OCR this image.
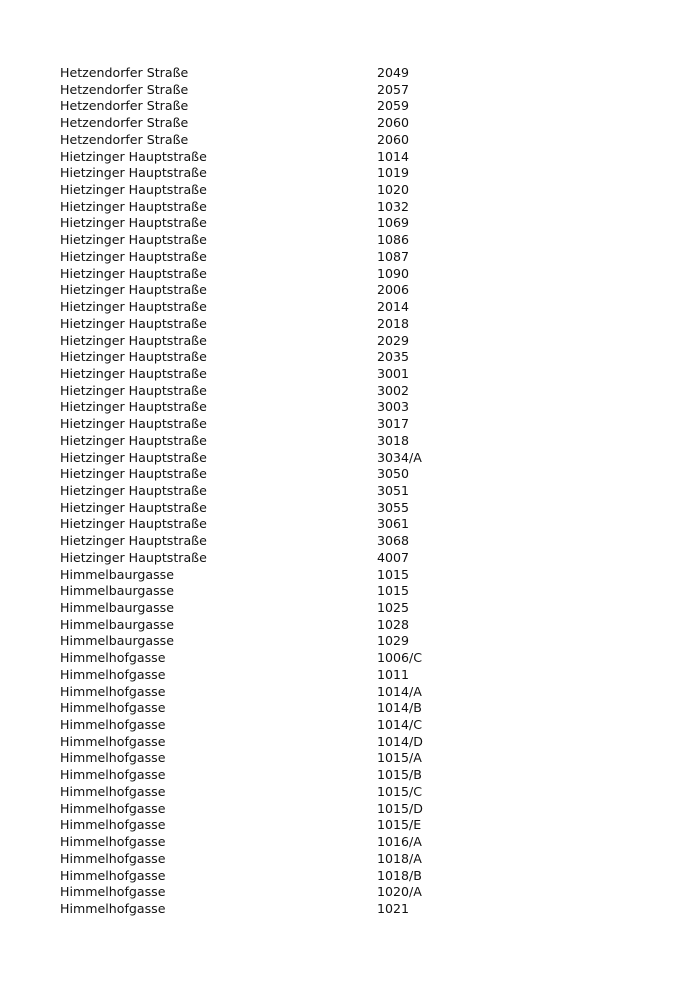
Hetzendorfer Straße	2049
Hetzendorfer Straße	2057
Hetzendorfer Straße	2059
Hetzendorfer Straße	2060
Hetzendorfer Straße	2060
Hietzinger Hauptstraße	1014
Hietzinger Hauptstraße	1019
Hietzinger Hauptstraße	1020
Hietzinger Hauptstraße	1032
Hietzinger Hauptstraße	1069
Hietzinger Hauptstraße	1086
Hietzinger Hauptstraße	1087
Hietzinger Hauptstraße	1090
Hietzinger Hauptstraße	2006
Hietzinger Hauptstraße	2014
Hietzinger Hauptstraße	2018
Hietzinger Hauptstraße	2029
Hietzinger Hauptstraße	2035
Hietzinger Hauptstraße	3001
Hietzinger Hauptstraße	3002
Hietzinger Hauptstraße	3003
Hietzinger Hauptstraße	3017
Hietzinger Hauptstraße	3018
Hietzinger Hauptstraße	3034/A
Hietzinger Hauptstraße	3050
Hietzinger Hauptstraße	3051
Hietzinger Hauptstraße	3055
Hietzinger Hauptstraße	3061
Hietzinger Hauptstraße	3068
Hietzinger Hauptstraße	4007
Himmelbaurgasse	1015
Himmelbaurgasse	1015
Himmelbaurgasse	1025
Himmelbaurgasse	1028
Himmelbaurgasse	1029
Himmelhofgasse	1006/C
Himmelhofgasse	1011
Himmelhofgasse	1014/A
Himmelhofgasse	1014/B
Himmelhofgasse	1014/C
Himmelhofgasse	1014/D
Himmelhofgasse	1015/A
Himmelhofgasse	1015/B
Himmelhofgasse	1015/C
Himmelhofgasse	1015/D
Himmelhofgasse	1015/E
Himmelhofgasse	1016/A
Himmelhofgasse	1018/A
Himmelhofgasse	1018/B
Himmelhofgasse	1020/A
Himmelhofgasse	1021
